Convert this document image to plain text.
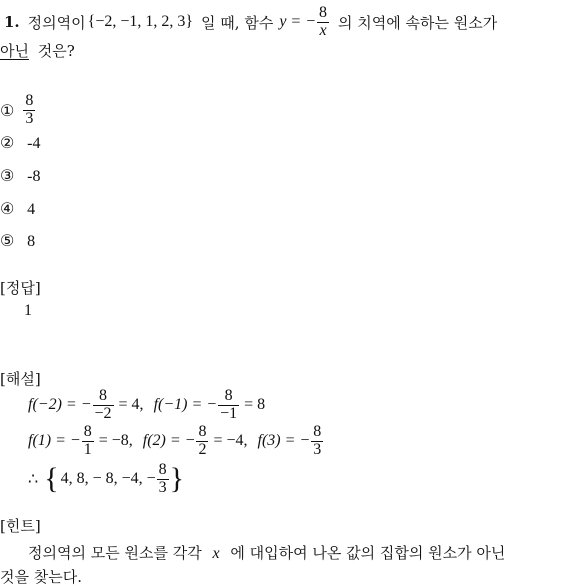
1. 정의역이 {−2, −1, 1, 2, 3} 일 때, 함수 y = − $\frac{8}{x}$ 의 치역에 속하는 원소가
아닌 것은?
① $\frac{8}{3}$
② -4
③ -8
④ 4
⑤ 8
[정답]
1
[해설]
f(−2) = − $\frac{8}{-2} = 4$, f(−1) = − $\frac{8}{-1} = 8$
f(1) = − $\frac{8}{1} = -8$, f(2) = − $\frac{8}{2} = -4$, f(3) = − $\frac{8}{3}$
∴ { 4, 8, − 8, −4, − $\frac{8}{3}$ }
[힌트]
정의역의 모든 원소를 각각 x 에 대입하여 나온 값의 집합의 원소가 아닌
것을 찾는다.
